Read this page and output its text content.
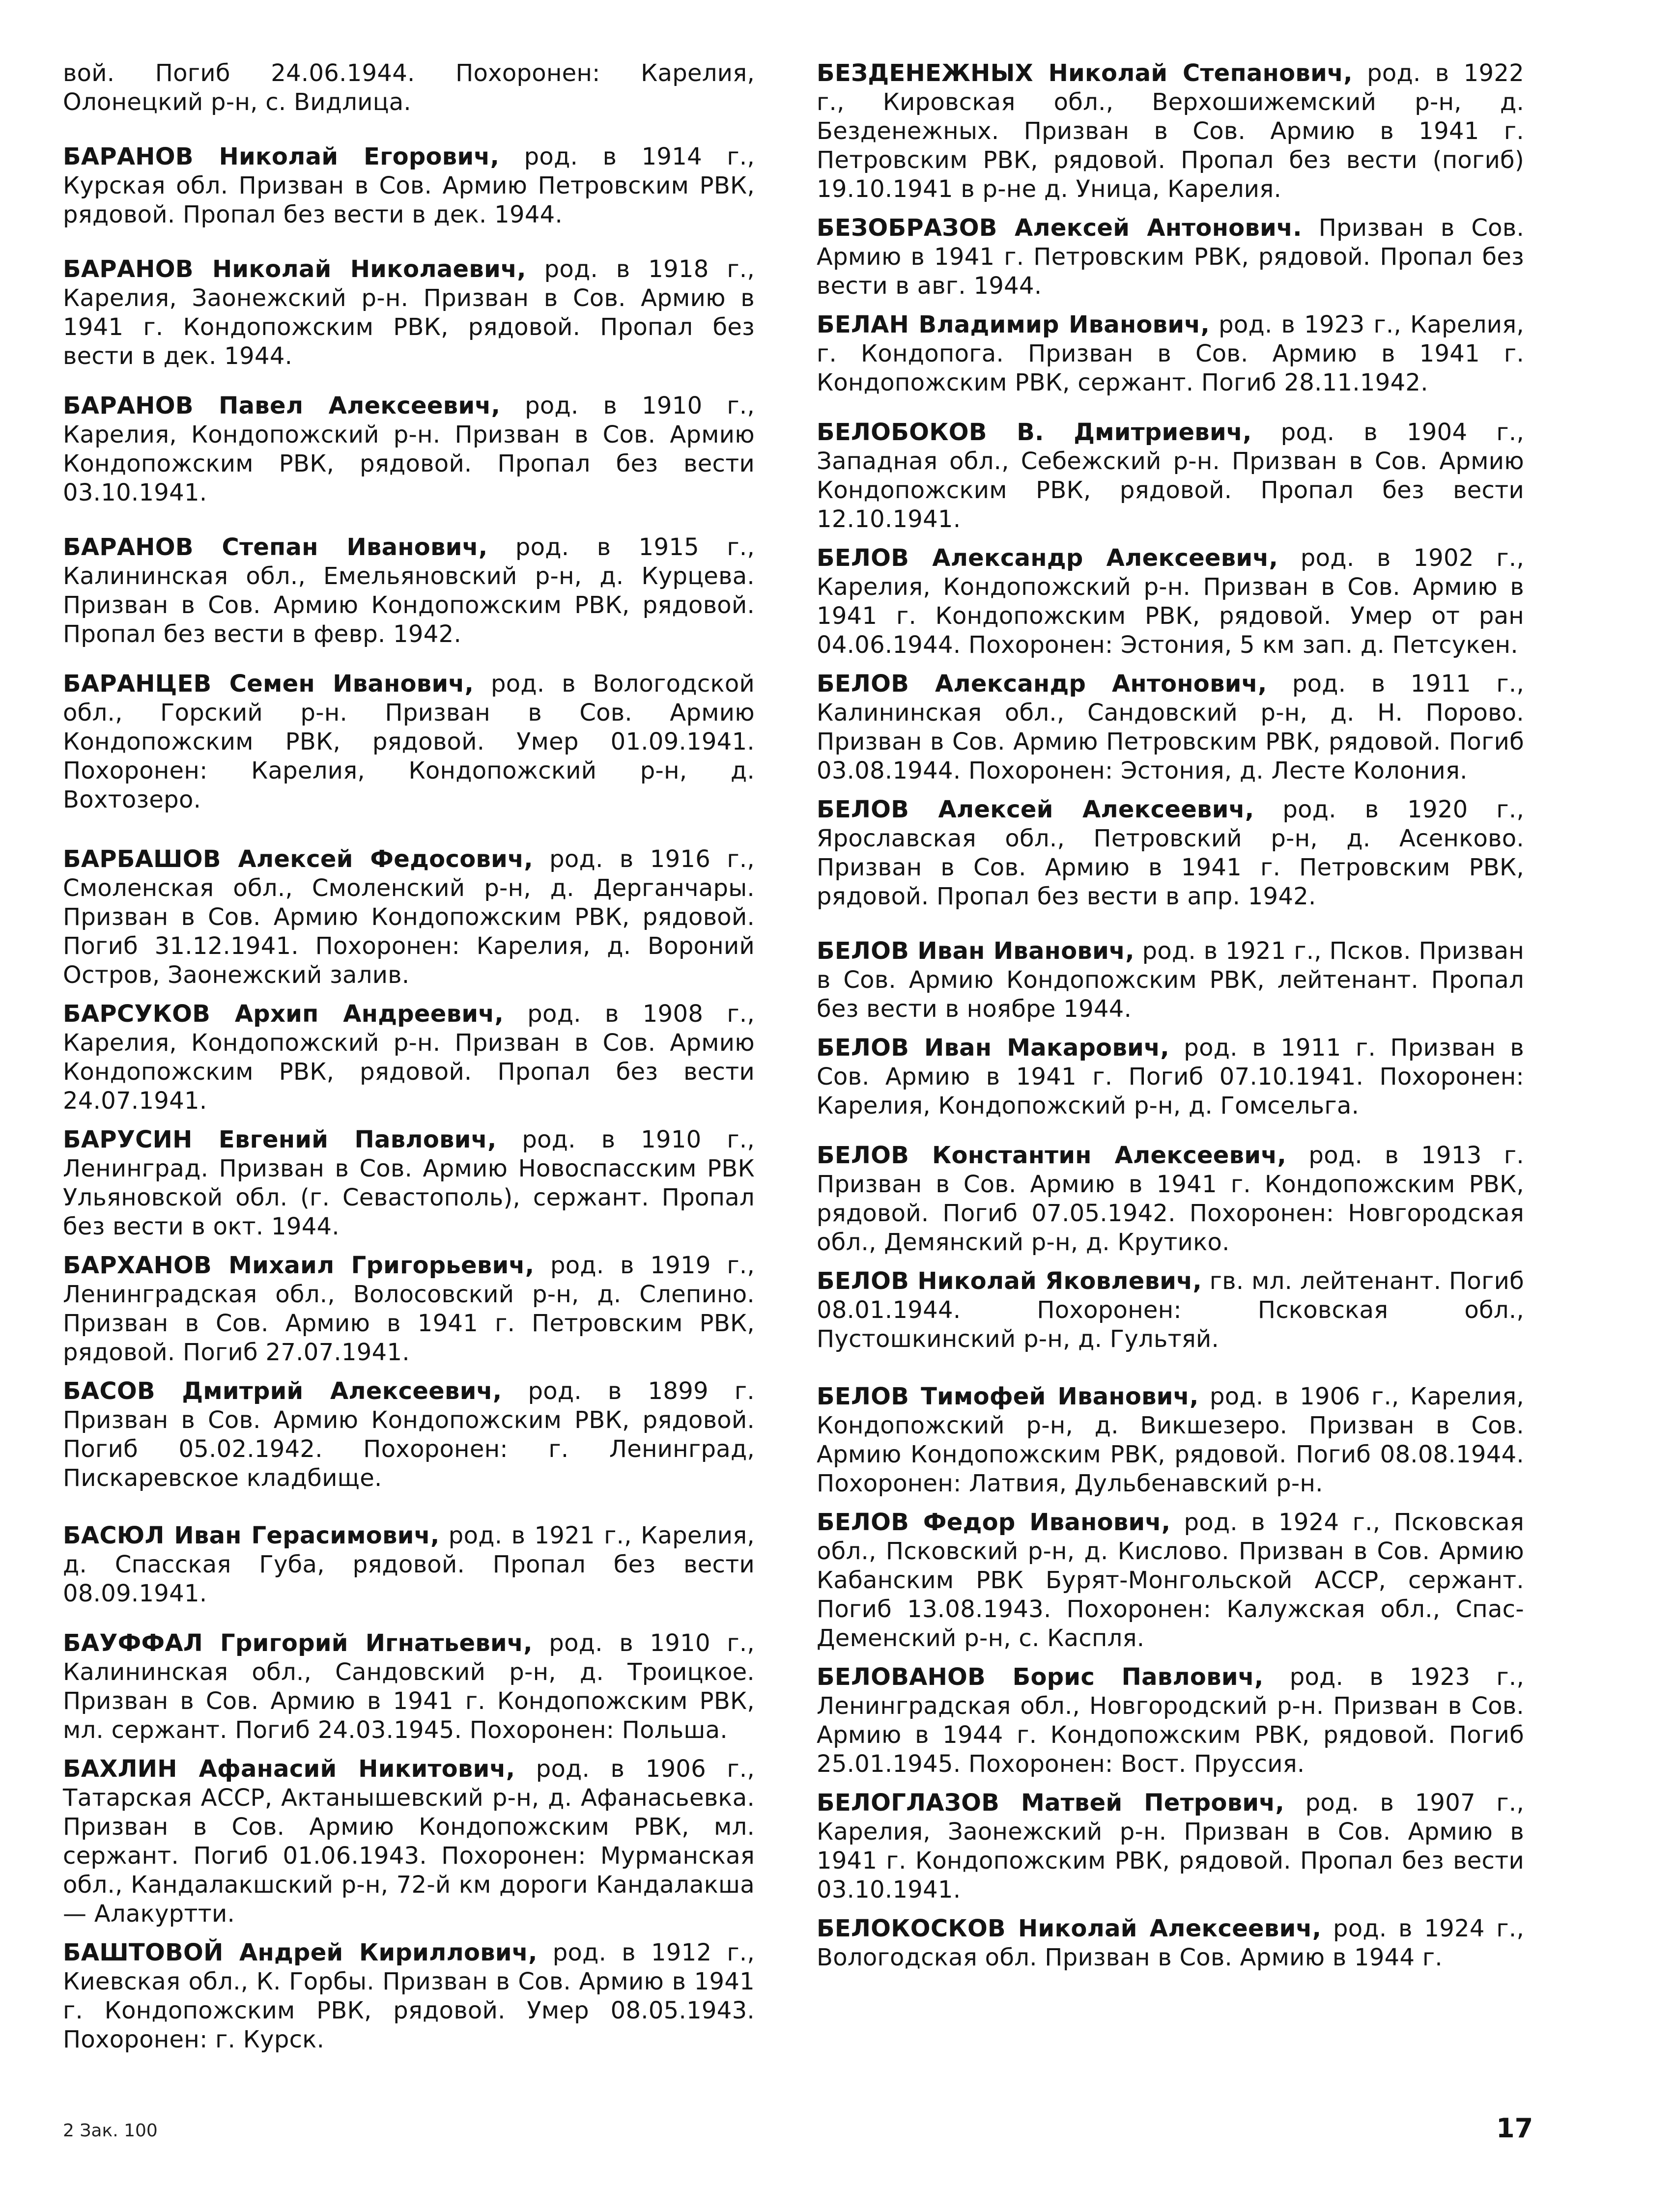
вой. Погиб 24.06.1944. Похоронен: Карелия, Олонецкий р-н, с. Видлица.

БАРАНОВ Николай Егорович, род. в 1914 г., Курская обл. Призван в Сов. Армию Петровским РВК, рядовой. Пропал без вести в дек. 1944.

БАРАНОВ Николай Николаевич, род. в 1918 г., Карелия, Заонежский р-н. Призван в Сов. Армию в 1941 г. Кондопожским РВК, рядовой. Пропал без вести в дек. 1944.

БАРАНОВ Павел Алексеевич, род. в 1910 г., Карелия, Кондопожский р-н. Призван в Сов. Армию Кондопожским РВК, рядовой. Пропал без вести 03.10.1941.

БАРАНОВ Степан Иванович, род. в 1915 г., Калининская обл., Емельяновский р-н, д. Курцева. Призван в Сов. Армию Кондопожским РВК, рядовой. Пропал без вести в февр. 1942.

БАРАНЦЕВ Семен Иванович, род. в Вологодской обл., Горский р-н. Призван в Сов. Армию Кондопожским РВК, рядовой. Умер 01.09.1941. Похоронен: Карелия, Кондопожский р-н, д. Вохтозеро.

БАРБАШОВ Алексей Федосович, род. в 1916 г., Смоленская обл., Смоленский р-н, д. Дерганчары. Призван в Сов. Армию Кондопожским РВК, рядовой. Погиб 31.12.1941. Похоронен: Карелия, д. Вороний Остров, Заонежский залив.

БАРСУКОВ Архип Андреевич, род. в 1908 г., Карелия, Кондопожский р-н. Призван в Сов. Армию Кондопожским РВК, рядовой. Пропал без вести 24.07.1941.

БАРУСИН Евгений Павлович, род. в 1910 г., Ленинград. Призван в Сов. Армию Новоспасским РВК Ульяновской обл. (г. Севастополь), сержант. Пропал без вести в окт. 1944.

БАРХАНОВ Михаил Григорьевич, род. в 1919 г., Ленинградская обл., Волосовский р-н, д. Слепино. Призван в Сов. Армию в 1941 г. Петровским РВК, рядовой. Погиб 27.07.1941.

БАСОВ Дмитрий Алексеевич, род. в 1899 г. Призван в Сов. Армию Кондопожским РВК, рядовой. Погиб 05.02.1942. Похоронен: г. Ленинград, Пискаревское кладбище.

БАСЮЛ Иван Герасимович, род. в 1921 г., Карелия, д. Спасская Губа, рядовой. Пропал без вести 08.09.1941.

БАУФФАЛ Григорий Игнатьевич, род. в 1910 г., Калининская обл., Сандовский р-н, д. Троицкое. Призван в Сов. Армию в 1941 г. Кондопожским РВК, мл. сержант. Погиб 24.03.1945. Похоронен: Польша.

БАХЛИН Афанасий Никитович, род. в 1906 г., Татарская АССР, Актанышевский р-н, д. Афанасьевка. Призван в Сов. Армию Кондопожским РВК, мл. сержант. Погиб 01.06.1943. Похоронен: Мурманская обл., Кандалакшский р-н, 72-й км дороги Кандалакша — Алакуртти.

БАШТОВОЙ Андрей Кириллович, род. в 1912 г., Киевская обл., К. Горбы. Призван в Сов. Армию в 1941 г. Кондопожским РВК, рядовой. Умер 08.05.1943. Похоронен: г. Курск.

БЕЗДЕНЕЖНЫХ Николай Степанович, род. в 1922 г., Кировская обл., Верхошижемский р-н, д. Безденежных. Призван в Сов. Армию в 1941 г. Петровским РВК, рядовой. Пропал без вести (погиб) 19.10.1941 в р-не д. Уница, Карелия.

БЕЗОБРАЗОВ Алексей Антонович. Призван в Сов. Армию в 1941 г. Петровским РВК, рядовой. Пропал без вести в авг. 1944.

БЕЛАН Владимир Иванович, род. в 1923 г., Карелия, г. Кондопога. Призван в Сов. Армию в 1941 г. Кондопожским РВК, сержант. Погиб 28.11.1942.

БЕЛОБОКОВ В. Дмитриевич, род. в 1904 г., Западная обл., Себежский р-н. Призван в Сов. Армию Кондопожским РВК, рядовой. Пропал без вести 12.10.1941.

БЕЛОВ Александр Алексеевич, род. в 1902 г., Карелия, Кондопожский р-н. Призван в Сов. Армию в 1941 г. Кондопожским РВК, рядовой. Умер от ран 04.06.1944. Похоронен: Эстония, 5 км зап. д. Петсукен.

БЕЛОВ Александр Антонович, род. в 1911 г., Калининская обл., Сандовский р-н, д. Н. Порово. Призван в Сов. Армию Петровским РВК, рядовой. Погиб 03.08.1944. Похоронен: Эстония, д. Лесте Колония.

БЕЛОВ Алексей Алексеевич, род. в 1920 г., Ярославская обл., Петровский р-н, д. Асенково. Призван в Сов. Армию в 1941 г. Петровским РВК, рядовой. Пропал без вести в апр. 1942.

БЕЛОВ Иван Иванович, род. в 1921 г., Псков. Призван в Сов. Армию Кондопожским РВК, лейтенант. Пропал без вести в ноябре 1944.

БЕЛОВ Иван Макарович, род. в 1911 г. Призван в Сов. Армию в 1941 г. Погиб 07.10.1941. Похоронен: Карелия, Кондопожский р-н, д. Гомсельга.

БЕЛОВ Константин Алексеевич, род. в 1913 г. Призван в Сов. Армию в 1941 г. Кондопожским РВК, рядовой. Погиб 07.05.1942. Похоронен: Новгородская обл., Демянский р-н, д. Крутико.

БЕЛОВ Николай Яковлевич, гв. мл. лейтенант. Погиб 08.01.1944. Похоронен: Псковская обл., Пустошкинский р-н, д. Гультяй.

БЕЛОВ Тимофей Иванович, род. в 1906 г., Карелия, Кондопожский р-н, д. Викшезеро. Призван в Сов. Армию Кондопожским РВК, рядовой. Погиб 08.08.1944. Похоронен: Латвия, Дульбенавский р-н.

БЕЛОВ Федор Иванович, род. в 1924 г., Псковская обл., Псковский р-н, д. Кислово. Призван в Сов. Армию Кабанским РВК Бурят-Монгольской АССР, сержант. Погиб 13.08.1943. Похоронен: Калужская обл., Спас-Деменский р-н, с. Каспля.

БЕЛОВАНОВ Борис Павлович, род. в 1923 г., Ленинградская обл., Новгородский р-н. Призван в Сов. Армию в 1944 г. Кондопожским РВК, рядовой. Погиб 25.01.1945. Похоронен: Вост. Пруссия.

БЕЛОГЛАЗОВ Матвей Петрович, род. в 1907 г., Карелия, Заонежский р-н. Призван в Сов. Армию в 1941 г. Кондопожским РВК, рядовой. Пропал без вести 03.10.1941.

БЕЛОКОСКОВ Николай Алексеевич, род. в 1924 г., Вологодская обл. Призван в Сов. Армию в 1944 г.

2 Зак. 100	17
